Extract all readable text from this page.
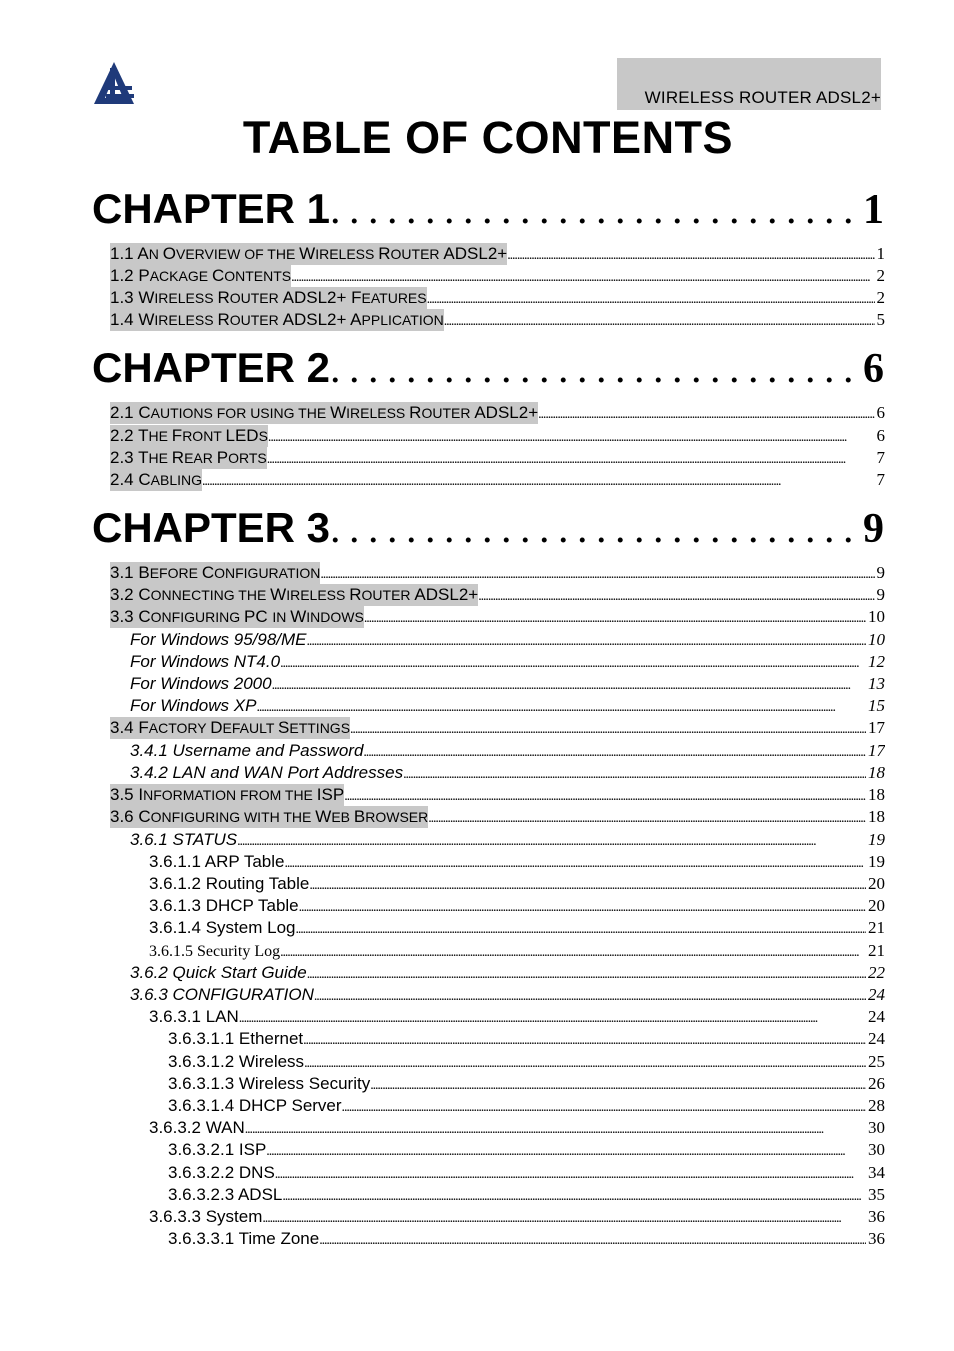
WIRELESS ROUTER ADSL2+
TABLE OF CONTENTS
CHAPTER 1 . . .	1
1.1 AN OVERVIEW OF THE WIRELESS ROUTER ADSL2+ . . .	1
1.2 PACKAGE CONTENTS . . .	2
1.3 WIRELESS ROUTER ADSL2+ FEATURES . . .	2
1.4 WIRELESS ROUTER ADSL2+ APPLICATION . . .	5
CHAPTER 2 . . .	6
2.1 CAUTIONS FOR USING THE WIRELESS ROUTER ADSL2+ . . .	6
2.2 THE FRONT LEDS . . .	6
2.3 THE REAR PORTS . . .	7
2.4 CABLING . . .	7
CHAPTER 3 . . .	9
3.1 BEFORE CONFIGURATION . . .	9
3.2 CONNECTING THE WIRELESS ROUTER ADSL2+ . . .	9
3.3 CONFIGURING PC IN WINDOWS . . .	10
For Windows 95/98/ME . . .	10
For Windows NT4.0 . . .	12
For Windows 2000 . . .	13
For Windows XP . . .	15
3.4 FACTORY DEFAULT SETTINGS . . .	17
3.4.1 Username and Password . . .	17
3.4.2 LAN and WAN Port Addresses . . .	18
3.5 INFORMATION FROM THE ISP . . .	18
3.6 CONFIGURING WITH THE WEB BROWSER . . .	18
3.6.1 STATUS . . .	19
3.6.1.1 ARP Table . . .	19
3.6.1.2 Routing Table . . .	20
3.6.1.3 DHCP Table . . .	20
3.6.1.4 System Log . . .	21
3.6.1.5 Security Log . . .	21
3.6.2 Quick Start Guide . . .	22
3.6.3 CONFIGURATION . . .	24
3.6.3.1 LAN . . .	24
3.6.3.1.1 Ethernet . . .	24
3.6.3.1.2 Wireless . . .	25
3.6.3.1.3 Wireless Security . . .	26
3.6.3.1.4 DHCP Server . . .	28
3.6.3.2 WAN . . .	30
3.6.3.2.1 ISP . . .	30
3.6.3.2.2 DNS . . .	34
3.6.3.2.3 ADSL . . .	35
3.6.3.3 System . . .	36
3.6.3.3.1 Time Zone . . .	36
